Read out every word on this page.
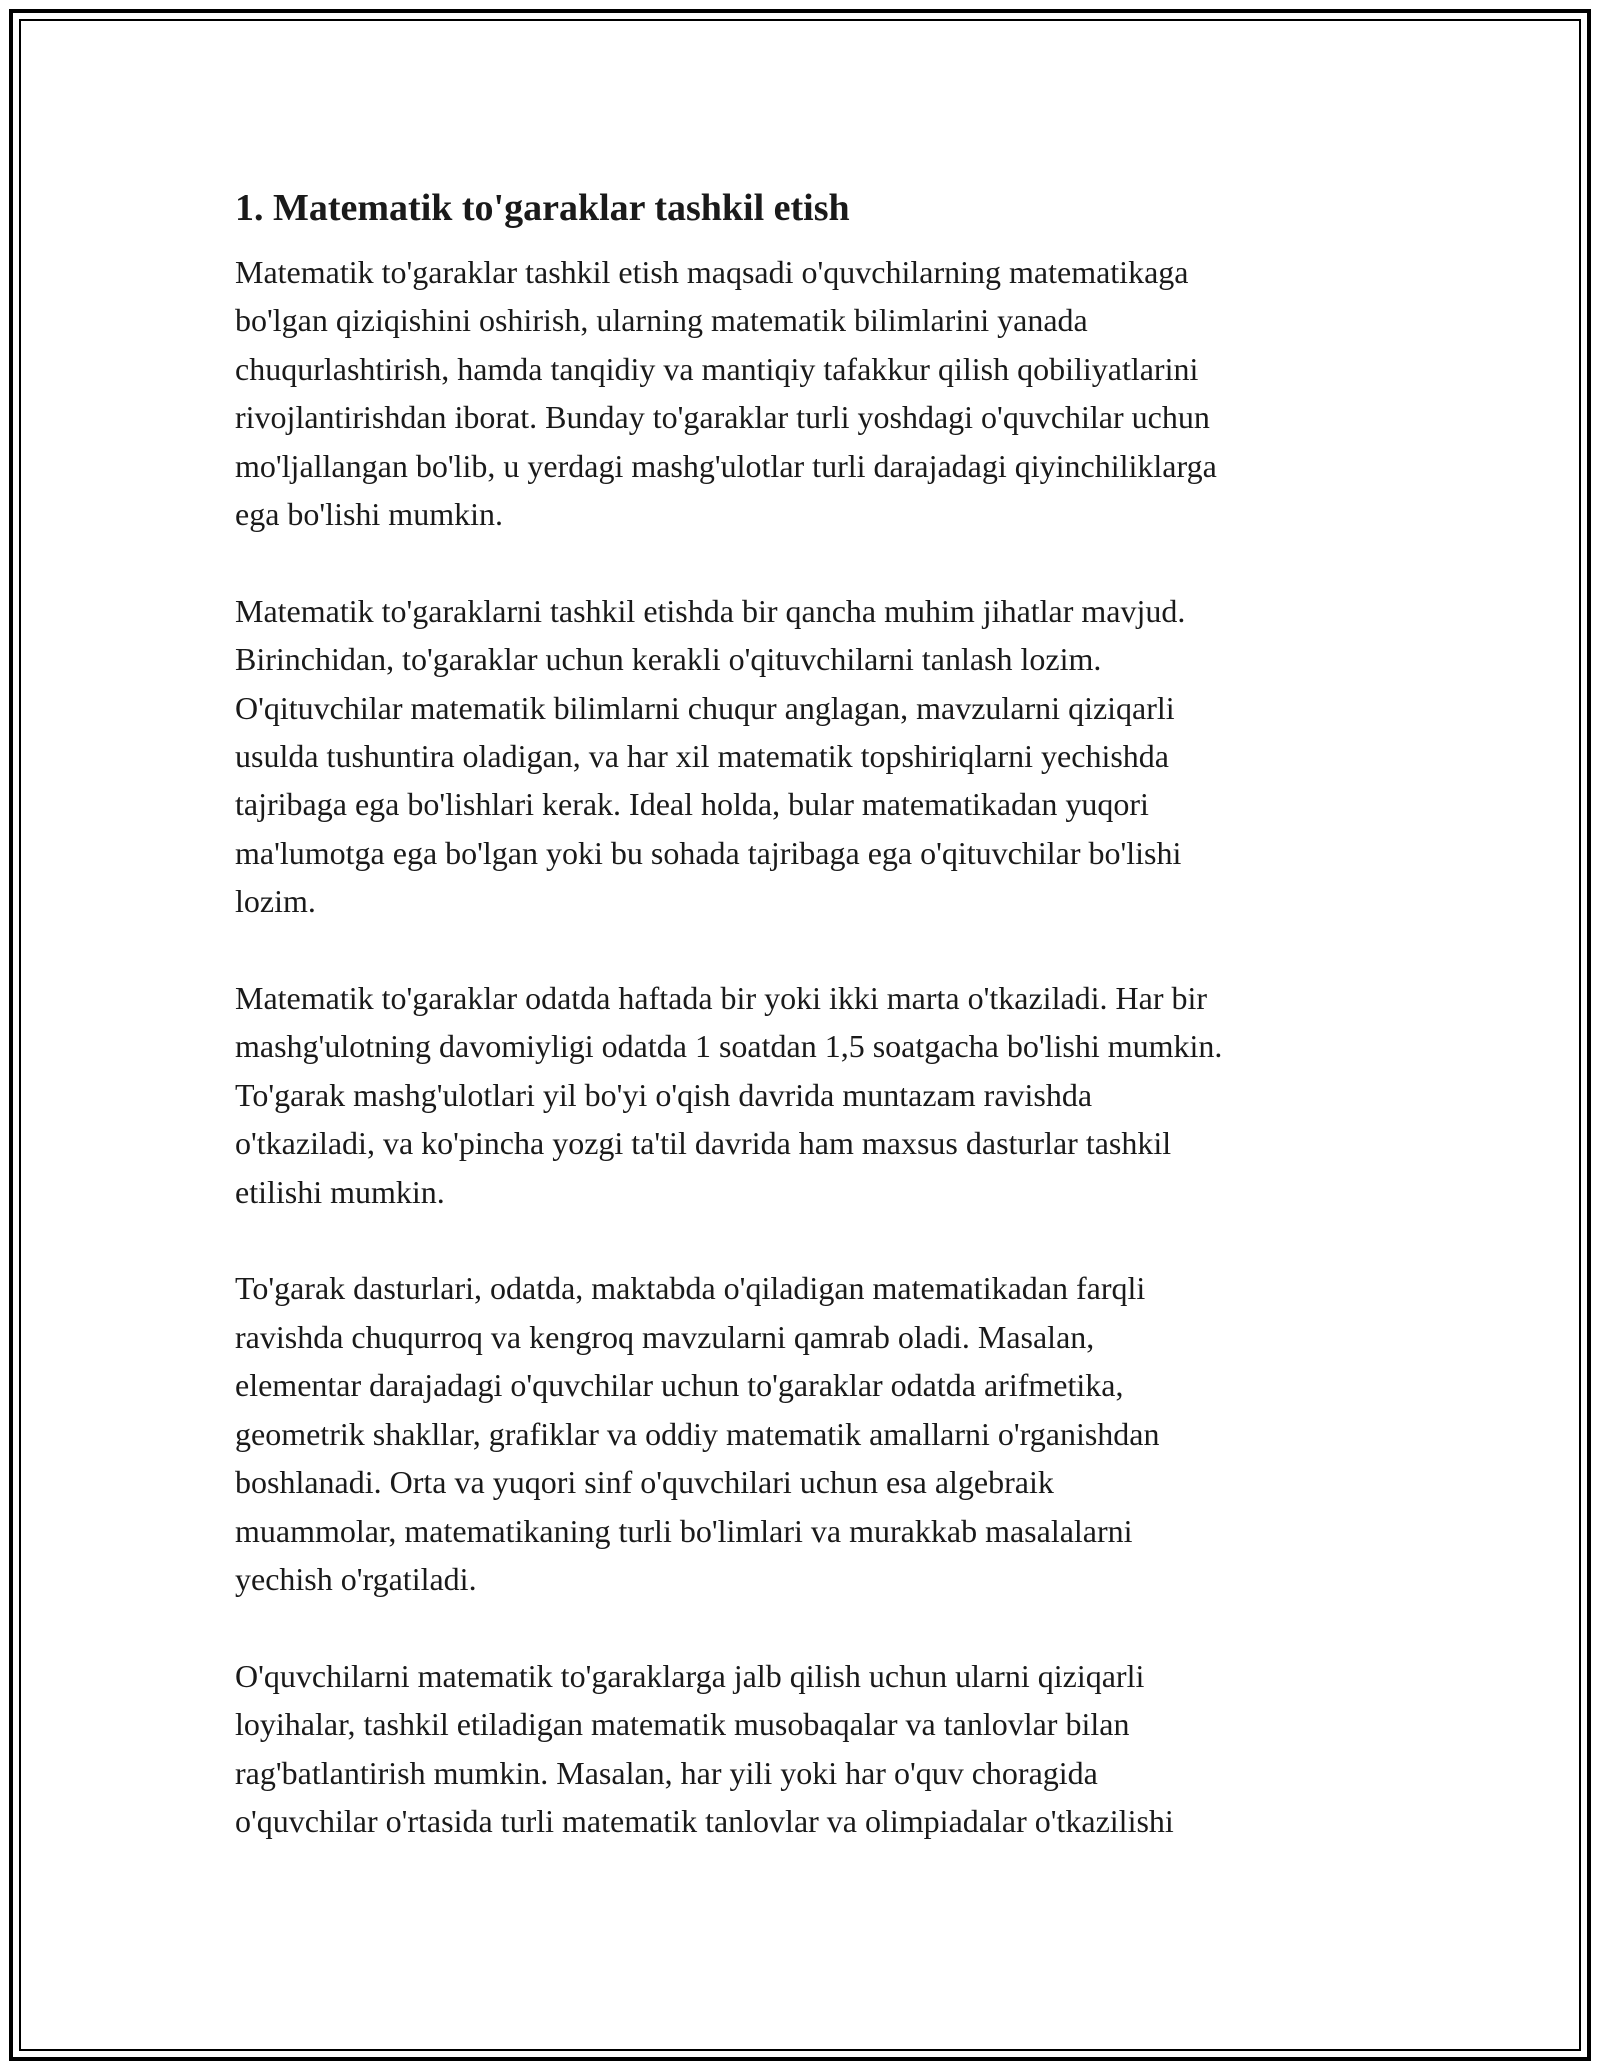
1. Matematik to'garaklar tashkil etish
Matematik to'garaklar tashkil etish maqsadi o'quvchilarning matematikaga
bo'lgan qiziqishini oshirish, ularning matematik bilimlarini yanada
chuqurlashtirish, hamda tanqidiy va mantiqiy tafakkur qilish qobiliyatlarini
rivojlantirishdan iborat. Bunday to'garaklar turli yoshdagi o'quvchilar uchun
mo'ljallangan bo'lib, u yerdagi mashg'ulotlar turli darajadagi qiyinchiliklarga
ega bo'lishi mumkin.
Matematik to'garaklarni tashkil etishda bir qancha muhim jihatlar mavjud.
Birinchidan, to'garaklar uchun kerakli o'qituvchilarni tanlash lozim.
O'qituvchilar matematik bilimlarni chuqur anglagan, mavzularni qiziqarli
usulda tushuntira oladigan, va har xil matematik topshiriqlarni yechishda
tajribaga ega bo'lishlari kerak. Ideal holda, bular matematikadan yuqori
ma'lumotga ega bo'lgan yoki bu sohada tajribaga ega o'qituvchilar bo'lishi
lozim.
Matematik to'garaklar odatda haftada bir yoki ikki marta o'tkaziladi. Har bir
mashg'ulotning davomiyligi odatda 1 soatdan 1,5 soatgacha bo'lishi mumkin.
To'garak mashg'ulotlari yil bo'yi o'qish davrida muntazam ravishda
o'tkaziladi, va ko'pincha yozgi ta'til davrida ham maxsus dasturlar tashkil
etilishi mumkin.
To'garak dasturlari, odatda, maktabda o'qiladigan matematikadan farqli
ravishda chuqurroq va kengroq mavzularni qamrab oladi. Masalan,
elementar darajadagi o'quvchilar uchun to'garaklar odatda arifmetika,
geometrik shakllar, grafiklar va oddiy matematik amallarni o'rganishdan
boshlanadi. Orta va yuqori sinf o'quvchilari uchun esa algebraik
muammolar, matematikaning turli bo'limlari va murakkab masalalarni
yechish o'rgatiladi.
O'quvchilarni matematik to'garaklarga jalb qilish uchun ularni qiziqarli
loyihalar, tashkil etiladigan matematik musobaqalar va tanlovlar bilan
rag'batlantirish mumkin. Masalan, har yili yoki har o'quv choragida
o'quvchilar o'rtasida turli matematik tanlovlar va olimpiadalar o'tkazilishi
